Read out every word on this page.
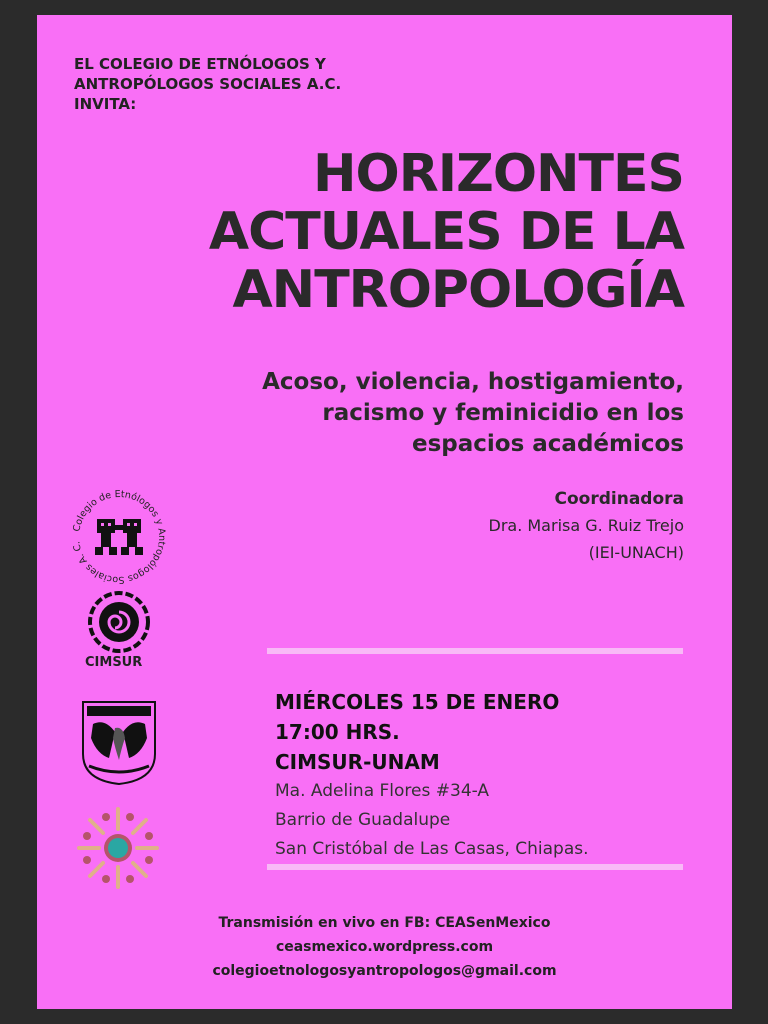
EL COLEGIO DE ETNÓLOGOS Y
ANTROPÓLOGOS SOCIALES A.C.
INVITA:
HORIZONTES
ACTUALES DE LA
ANTROPOLOGÍA
Acoso, violencia, hostigamiento,
racismo y feminicidio en los
espacios académicos
Coordinadora
Dra. Marisa G. Ruiz Trejo
(IEI-UNACH)
Colegio de Etnólogos y Antropólogos Sociales A. C.
CIMSUR
MIÉRCOLES 15 DE ENERO
17:00 HRS.
CIMSUR-UNAM
Ma. Adelina Flores #34-A
Barrio de Guadalupe
San Cristóbal de Las Casas, Chiapas.
Transmisión en vivo en FB: CEASenMexico
ceasmexico.wordpress.com
colegioetnologosyantropologos@gmail.com
